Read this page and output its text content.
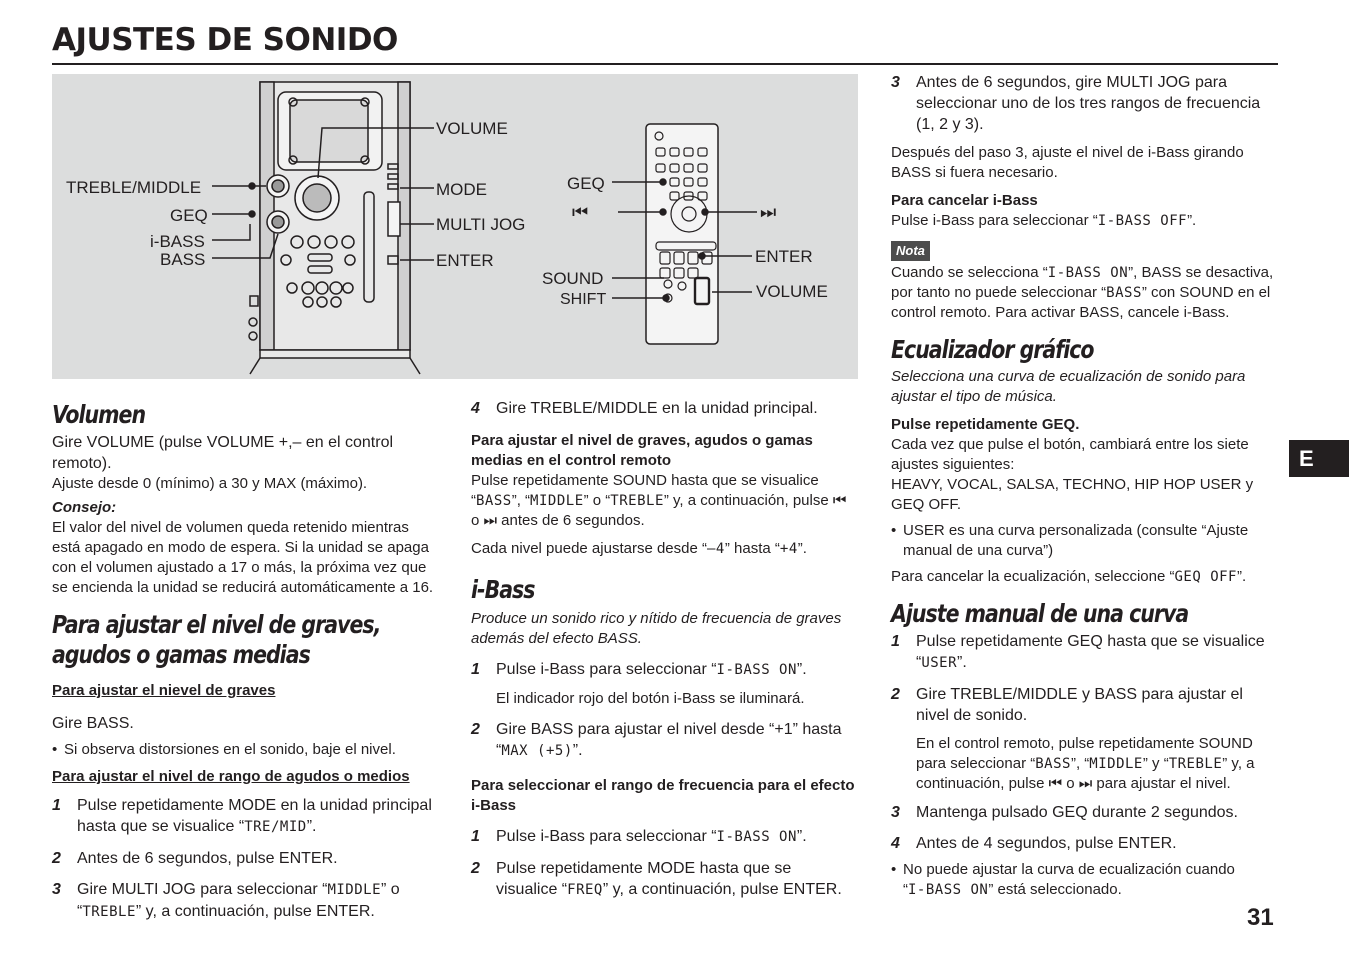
AJUSTES DE SONIDO
TREBLE/MIDDLE
GEQ
i-BASS
BASS
VOLUME
MODE
MULTI JOG
ENTER
GEQ
⏮	⏭
ENTER
SOUND
SHIFT	VOLUME
Volumen

Gire VOLUME (pulse VOLUME +,– en el control remoto).

Ajuste desde 0 (mínimo) a 30 y MAX (máximo).

Consejo:

El valor del nivel de volumen queda retenido mientras está apagado en modo de espera. Si la unidad se apaga con el volumen ajustado a 17 o más, la próxima vez que se encienda la unidad se reducirá automáticamente a 16.

Para ajustar el nivel de graves, agudos o gamas medias

Para ajustar el nievel de graves

Gire BASS.

• Si observa distorsiones en el sonido, baje el nivel.

Para ajustar el nivel de rango de agudos o medios

1 Pulse repetidamente MODE en la unidad principal hasta que se visualice “TRE/MID”.
2 Antes de 6 segundos, pulse ENTER.
3 Gire MULTI JOG para seleccionar “MIDDLE” o “TREBLE” y, a continuación, pulse ENTER.
4 Gire TREBLE/MIDDLE en la unidad principal.

Para ajustar el nivel de graves, agudos o gamas medias en el control remoto

Pulse repetidamente SOUND hasta que se visualice “BASS”, “MIDDLE” o “TREBLE” y, a continuación, pulse ⏮ o ⏭ antes de 6 segundos.

Cada nivel puede ajustarse desde “–4” hasta “+4”.

i-Bass

Produce un sonido rico y nítido de frecuencia de graves además del efecto BASS.

1 Pulse i-Bass para seleccionar “I-BASS ON”.

El indicador rojo del botón i-Bass se iluminará.

2 Gire BASS para ajustar el nivel desde “+1” hasta “MAX (+5)”.

Para seleccionar el rango de frecuencia para el efecto i-Bass

1 Pulse i-Bass para seleccionar “I-BASS ON”.
2 Pulse repetidamente MODE hasta que se visualice “FREQ” y, a continuación, pulse ENTER.
3 Antes de 6 segundos, gire MULTI JOG para seleccionar uno de los tres rangos de frecuencia (1, 2 y 3).

Después del paso 3, ajuste el nivel de i-Bass girando BASS si fuera necesario.

Para cancelar i-Bass

Pulse i-Bass para seleccionar “I-BASS OFF”.

Nota

Cuando se selecciona “I-BASS ON”, BASS se desactiva, por tanto no puede seleccionar “BASS” con SOUND en el control remoto. Para activar BASS, cancele i-Bass.

Ecualizador gráfico

Selecciona una curva de ecualización de sonido para ajustar el tipo de música.

Pulse repetidamente GEQ.

Cada vez que pulse el botón, cambiará entre los siete ajustes siguientes:

HEAVY, VOCAL, SALSA, TECHNO, HIP HOP USER y GEQ OFF.

• USER es una curva personalizada (consulte “Ajuste manual de una curva”)

Para cancelar la ecualización, seleccione “GEQ OFF”.

Ajuste manual de una curva
1 Pulse repetidamente GEQ hasta que se visualice “USER”.
2 Gire TREBLE/MIDDLE y BASS para ajustar el nivel de sonido.

En el control remoto, pulse repetidamente SOUND para seleccionar “BASS”, “MIDDLE” y “TREBLE” y, a continuación, pulse ⏮ o ⏭ para ajustar el nivel.

3 Mantenga pulsado GEQ durante 2 segundos.
4 Antes de 4 segundos, pulse ENTER.

• No puede ajustar la curva de ecualización cuando “I-BASS ON” está seleccionado.

E
31
